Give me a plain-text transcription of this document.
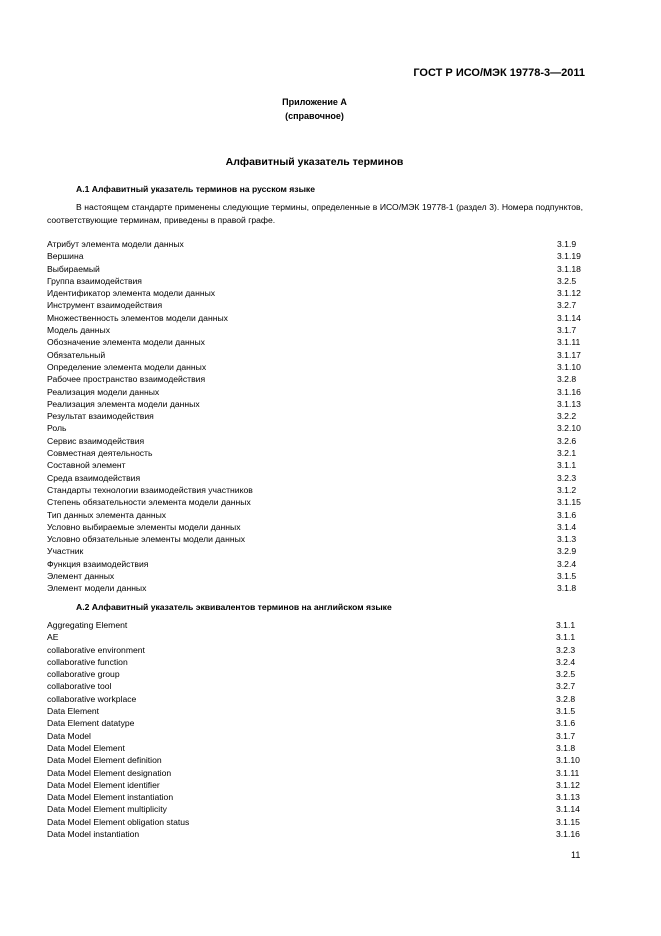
ГОСТ Р ИСО/МЭК 19778-3—2011
Приложение А
(справочное)
Алфавитный указатель терминов
А.1 Алфавитный указатель терминов на русском языке
В настоящем стандарте применены следующие термины, определенные в ИСО/МЭК 19778-1 (раздел 3). Номера подпунктов, соответствующие терминам, приведены в правой графе.
Атрибут элемента модели данных	3.1.9
Вершина	3.1.19
Выбираемый	3.1.18
Группа взаимодействия	3.2.5
Идентификатор элемента модели данных	3.1.12
Инструмент взаимодействия	3.2.7
Множественность элементов модели данных	3.1.14
Модель данных	3.1.7
Обозначение элемента модели данных	3.1.11
Обязательный	3.1.17
Определение элемента модели данных	3.1.10
Рабочее пространство взаимодействия	3.2.8
Реализация модели данных	3.1.16
Реализация элемента модели данных	3.1.13
Результат взаимодействия	3.2.2
Роль	3.2.10
Сервис взаимодействия	3.2.6
Совместная деятельность	3.2.1
Составной элемент	3.1.1
Среда взаимодействия	3.2.3
Стандарты технологии взаимодействия участников	3.1.2
Степень обязательности элемента модели данных	3.1.15
Тип данных элемента данных	3.1.6
Условно выбираемые элементы модели данных	3.1.4
Условно обязательные элементы модели данных	3.1.3
Участник	3.2.9
Функция взаимодействия	3.2.4
Элемент данных	3.1.5
Элемент модели данных	3.1.8
А.2 Алфавитный указатель эквивалентов терминов на английском языке
Aggregating Element	3.1.1
AE	3.1.1
collaborative environment	3.2.3
collaborative function	3.2.4
collaborative group	3.2.5
collaborative tool	3.2.7
collaborative workplace	3.2.8
Data Element	3.1.5
Data Element datatype	3.1.6
Data Model	3.1.7
Data Model Element	3.1.8
Data Model Element definition	3.1.10
Data Model Element designation	3.1.11
Data Model Element identifier	3.1.12
Data Model Element instantiation	3.1.13
Data Model Element multiplicity	3.1.14
Data Model Element obligation status	3.1.15
Data Model instantiation	3.1.16
11
